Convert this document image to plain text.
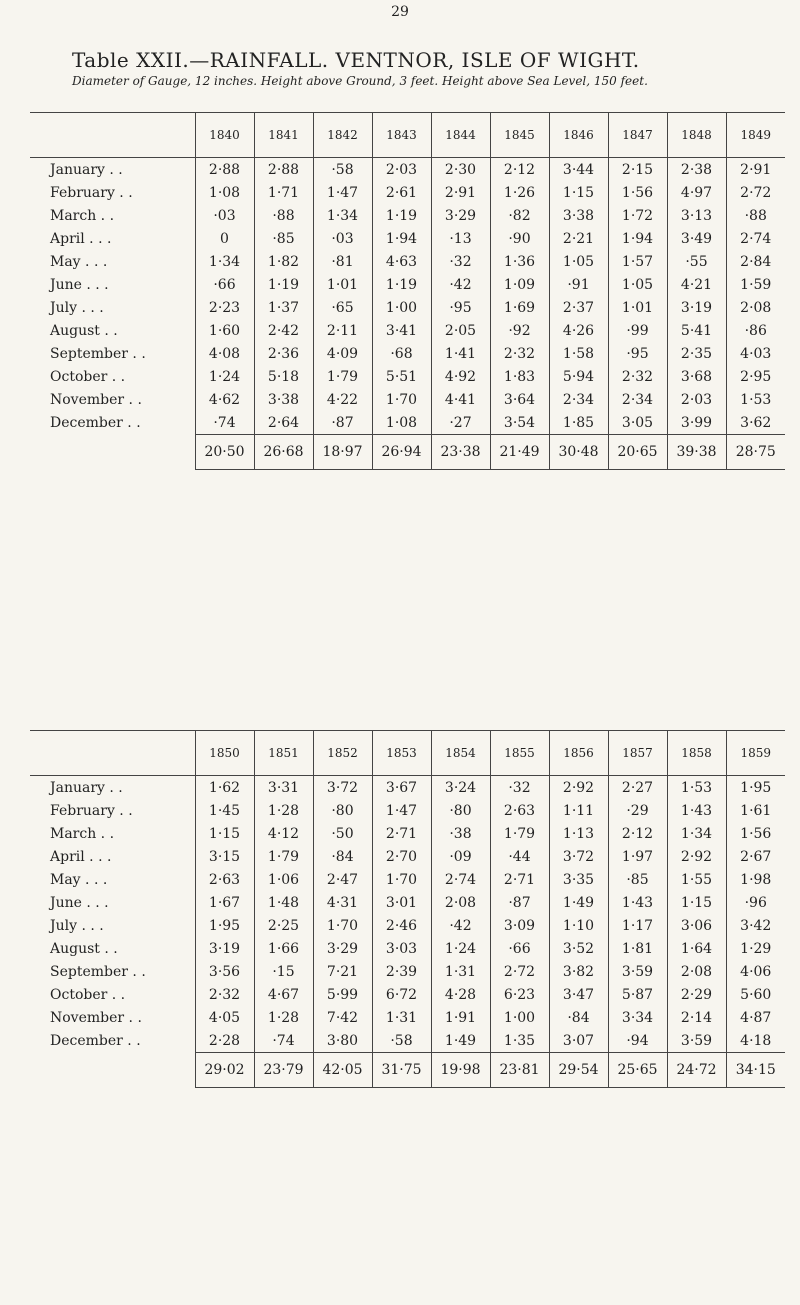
29
Table XXII.—RAINFALL. VENTNOR, ISLE OF WIGHT.
Diameter of Gauge, 12 inches. Height above Ground, 3 feet. Height above Sea Level, 150 feet.
	1840	1841	1842	1843	1844	1845	1846	1847	1848	1849
January . .	2·88	2·88	·58	2·03	2·30	2·12	3·44	2·15	2·38	2·91
February . .	1·08	1·71	1·47	2·61	2·91	1·26	1·15	1·56	4·97	2·72
March . .	·03	·88	1·34	1·19	3·29	·82	3·38	1·72	3·13	·88
April . . .	0	·85	·03	1·94	·13	·90	2·21	1·94	3·49	2·74
May . . .	1·34	1·82	·81	4·63	·32	1·36	1·05	1·57	·55	2·84
June . . .	·66	1·19	1·01	1·19	·42	1·09	·91	1·05	4·21	1·59
July . . .	2·23	1·37	·65	1·00	·95	1·69	2·37	1·01	3·19	2·08
August . .	1·60	2·42	2·11	3·41	2·05	·92	4·26	·99	5·41	·86
September . .	4·08	2·36	4·09	·68	1·41	2·32	1·58	·95	2·35	4·03
October . .	1·24	5·18	1·79	5·51	4·92	1·83	5·94	2·32	3·68	2·95
November . .	4·62	3·38	4·22	1·70	4·41	3·64	2·34	2·34	2·03	1·53
December . .	·74	2·64	·87	1·08	·27	3·54	1·85	3·05	3·99	3·62
	20·50	26·68	18·97	26·94	23·38	21·49	30·48	20·65	39·38	28·75
	1850	1851	1852	1853	1854	1855	1856	1857	1858	1859
January . .	1·62	3·31	3·72	3·67	3·24	·32	2·92	2·27	1·53	1·95
February . .	1·45	1·28	·80	1·47	·80	2·63	1·11	·29	1·43	1·61
March . .	1·15	4·12	·50	2·71	·38	1·79	1·13	2·12	1·34	1·56
April . . .	3·15	1·79	·84	2·70	·09	·44	3·72	1·97	2·92	2·67
May . . .	2·63	1·06	2·47	1·70	2·74	2·71	3·35	·85	1·55	1·98
June . . .	1·67	1·48	4·31	3·01	2·08	·87	1·49	1·43	1·15	·96
July . . .	1·95	2·25	1·70	2·46	·42	3·09	1·10	1·17	3·06	3·42
August . .	3·19	1·66	3·29	3·03	1·24	·66	3·52	1·81	1·64	1·29
September . .	3·56	·15	7·21	2·39	1·31	2·72	3·82	3·59	2·08	4·06
October . .	2·32	4·67	5·99	6·72	4·28	6·23	3·47	5·87	2·29	5·60
November . .	4·05	1·28	7·42	1·31	1·91	1·00	·84	3·34	2·14	4·87
December . .	2·28	·74	3·80	·58	1·49	1·35	3·07	·94	3·59	4·18
	29·02	23·79	42·05	31·75	19·98	23·81	29·54	25·65	24·72	34·15
